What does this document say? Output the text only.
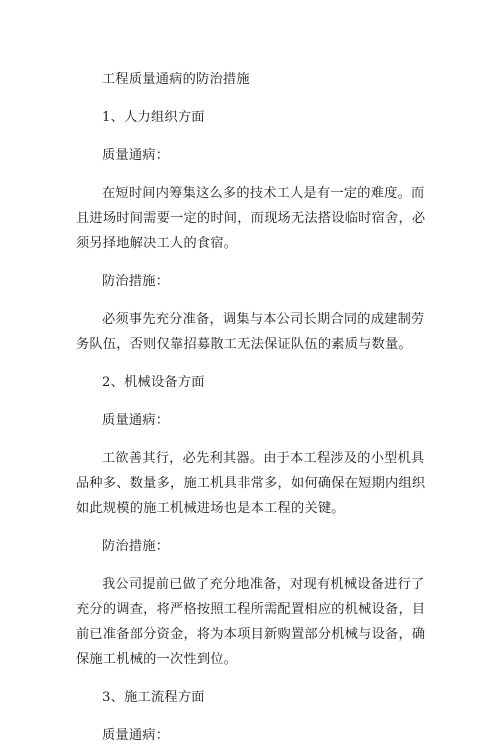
工程质量通病的防治措施

1、人力组织方面

质量通病：

在短时间内筹集这么多的技术工人是有一定的难度。而且进场时间需要一定的时间，而现场无法搭设临时宿舍，必须另择地解决工人的食宿。

防治措施：

必须事先充分准备，调集与本公司长期合同的成建制劳务队伍，否则仅靠招募散工无法保证队伍的素质与数量。

2、机械设备方面

质量通病：

工欲善其行，必先利其器。由于本工程涉及的小型机具品种多、数量多，施工机具非常多，如何确保在短期内组织如此规模的施工机械进场也是本工程的关键。

防治措施：

我公司提前已做了充分地准备，对现有机械设备进行了充分的调查，将严格按照工程所需配置相应的机械设备，目前已准备部分资金，将为本项目新购置部分机械与设备，确保施工机械的一次性到位。

3、施工流程方面

质量通病：
